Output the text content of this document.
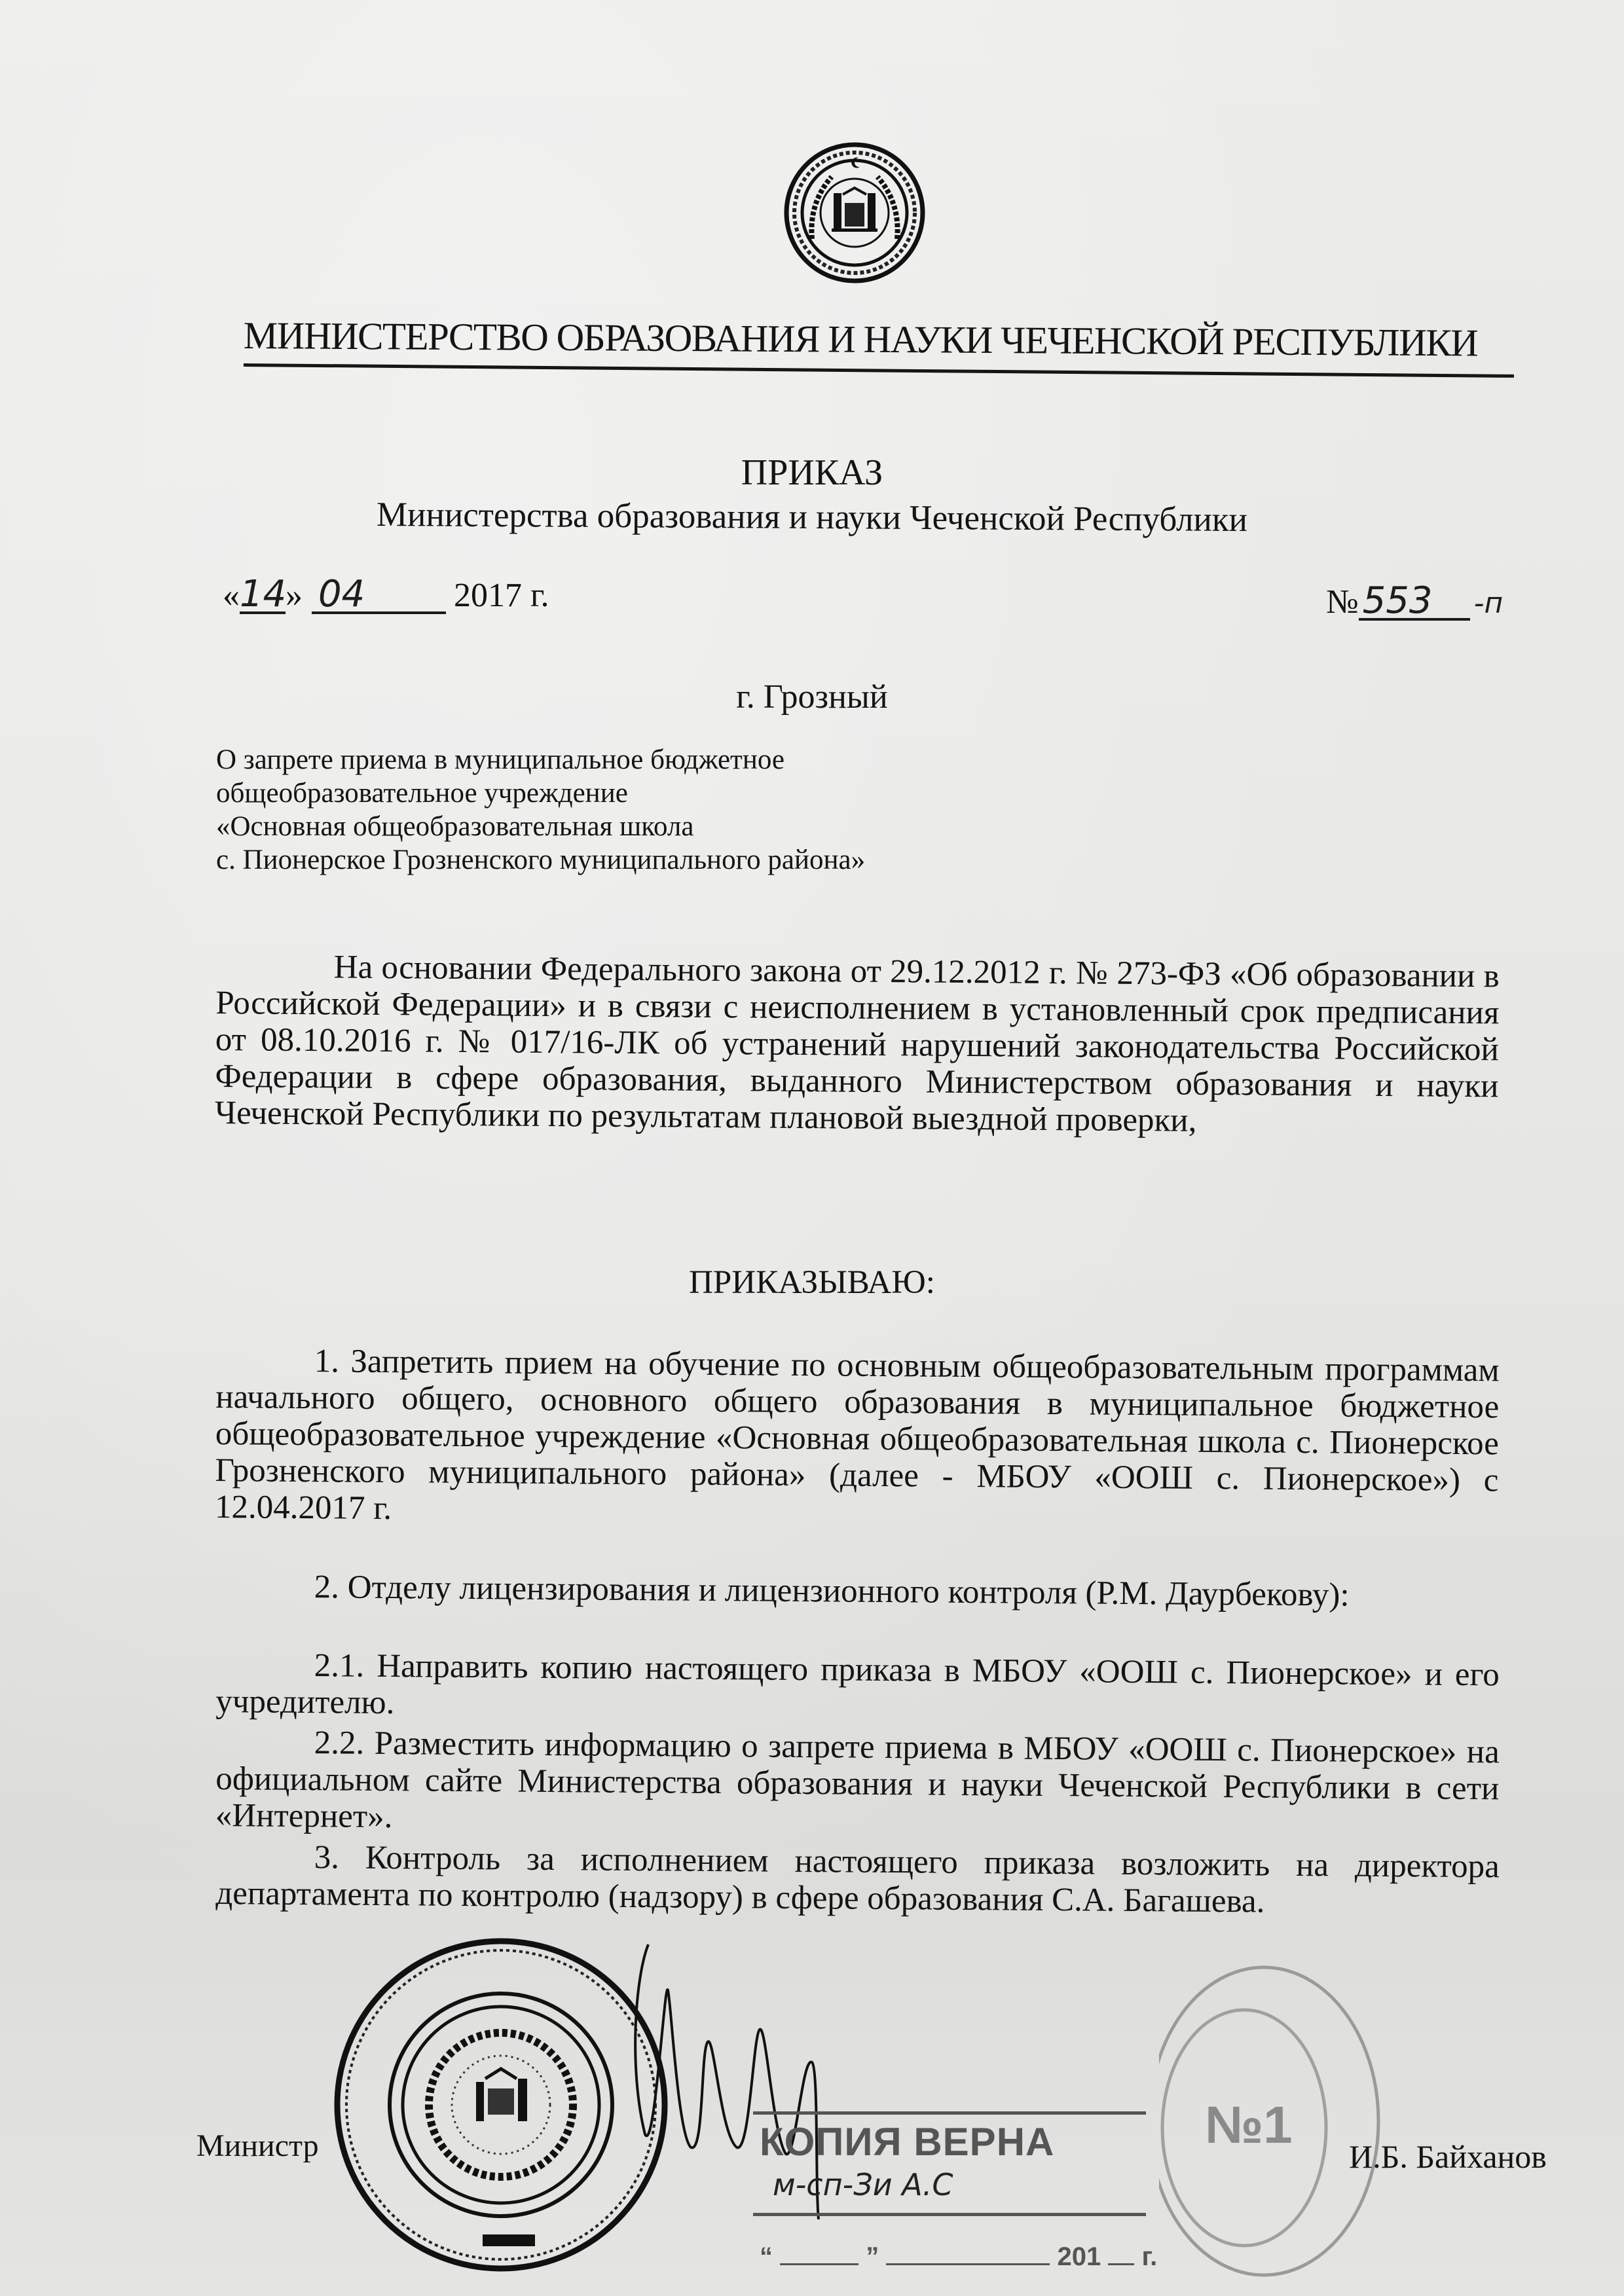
МИНИСТЕРСТВО ОБРАЗОВАНИЯ И НАУКИ ЧЕЧЕНСКОЙ РЕСПУБЛИКИ
ПРИКАЗ
Министерства образования и науки Чеченской Республики
«14» 04	2017 г.	№ 553 -п
г. Грозный
О запрете приема в муниципальное бюджетное
общеобразовательное учреждение
«Основная общеобразовательная школа
с. Пионерское Грозненского муниципального района»

На основании Федерального закона от 29.12.2012 г. № 273-ФЗ «Об образовании в Российской Федерации» и в связи с неисполнением в установленный срок предписания от 08.10.2016 г. № 017/16-ЛК об устранений нарушений законодательства Российской Федерации в сфере образования, выданного Министерством образования и науки Чеченской Республики по результатам плановой выездной проверки,

ПРИКАЗЫВАЮ:

1. Запретить прием на обучение по основным общеобразовательным программам начального общего, основного общего образования в муниципальное бюджетное общеобразовательное учреждение «Основная общеобразовательная школа с. Пионерское Грозненского муниципального района» (далее - МБОУ «ООШ с. Пионерское») с 12.04.2017 г.

2. Отделу лицензирования и лицензионного контроля (Р.М. Даурбекову):

2.1. Направить копию настоящего приказа в МБОУ «ООШ с. Пионерское» и его учредителю.

2.2. Разместить информацию о запрете приема в МБОУ «ООШ с. Пионерское» на официальном сайте Министерства образования и науки Чеченской Республики в сети «Интернет».

3. Контроль за исполнением настоящего приказа возложить на директора департамента по контролю (надзору) в сфере образования С.А. Багашева.

Министр	КОПИЯ ВЕРНА
м-сп-Зи А.С
“	”	201 г.
№1
И.Б. Байханов
